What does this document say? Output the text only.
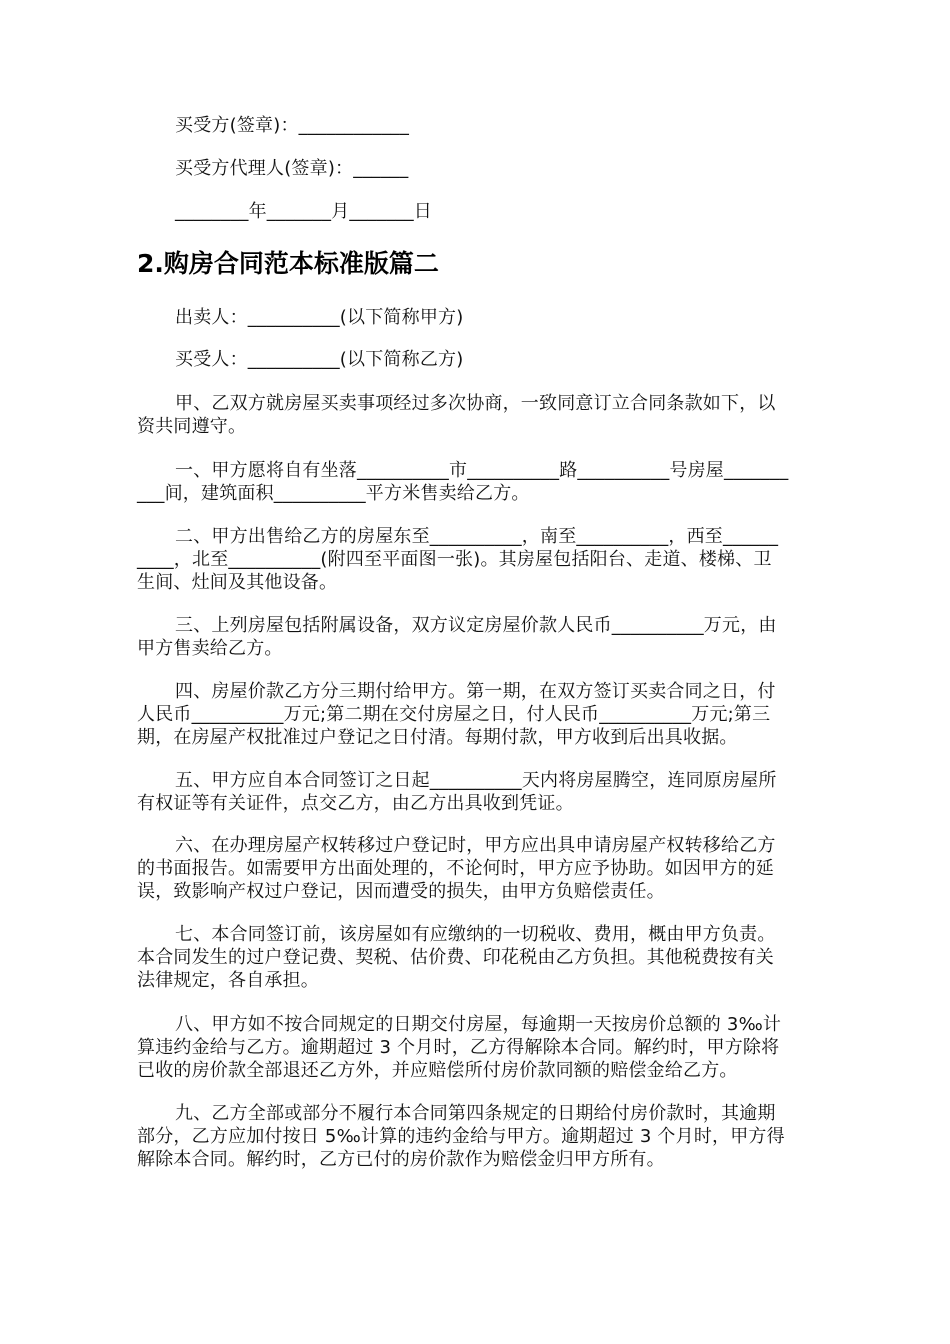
买受方(签章)：____________
买受方代理人(签章)：______
________年_______月_______日
2.购房合同范本标准版篇二
出卖人：__________(以下简称甲方)
买受人：__________(以下简称乙方)
甲、乙双方就房屋买卖事项经过多次协商，一致同意订立合同条款如下，以
资共同遵守。
一、甲方愿将自有坐落__________市__________路__________号房屋_______
___间，建筑面积__________平方米售卖给乙方。
二、甲方出售给乙方的房屋东至__________，南至__________，西至______
____，北至__________(附四至平面图一张)。其房屋包括阳台、走道、楼梯、卫
生间、灶间及其他设备。
三、上列房屋包括附属设备，双方议定房屋价款人民币__________万元，由
甲方售卖给乙方。
四、房屋价款乙方分三期付给甲方。第一期，在双方签订买卖合同之日，付
人民币__________万元;第二期在交付房屋之日，付人民币__________万元;第三
期，在房屋产权批准过户登记之日付清。每期付款，甲方收到后出具收据。
五、甲方应自本合同签订之日起__________天内将房屋腾空，连同原房屋所
有权证等有关证件，点交乙方，由乙方出具收到凭证。
六、在办理房屋产权转移过户登记时，甲方应出具申请房屋产权转移给乙方
的书面报告。如需要甲方出面处理的，不论何时，甲方应予协助。如因甲方的延
误，致影响产权过户登记，因而遭受的损失，由甲方负赔偿责任。
七、本合同签订前，该房屋如有应缴纳的一切税收、费用，概由甲方负责。
本合同发生的过户登记费、契税、估价费、印花税由乙方负担。其他税费按有关
法律规定，各自承担。
八、甲方如不按合同规定的日期交付房屋，每逾期一天按房价总额的 3‰计
算违约金给与乙方。逾期超过 3 个月时，乙方得解除本合同。解约时，甲方除将
已收的房价款全部退还乙方外，并应赔偿所付房价款同额的赔偿金给乙方。
九、乙方全部或部分不履行本合同第四条规定的日期给付房价款时，其逾期
部分，乙方应加付按日 5‰计算的违约金给与甲方。逾期超过 3 个月时，甲方得
解除本合同。解约时，乙方已付的房价款作为赔偿金归甲方所有。
